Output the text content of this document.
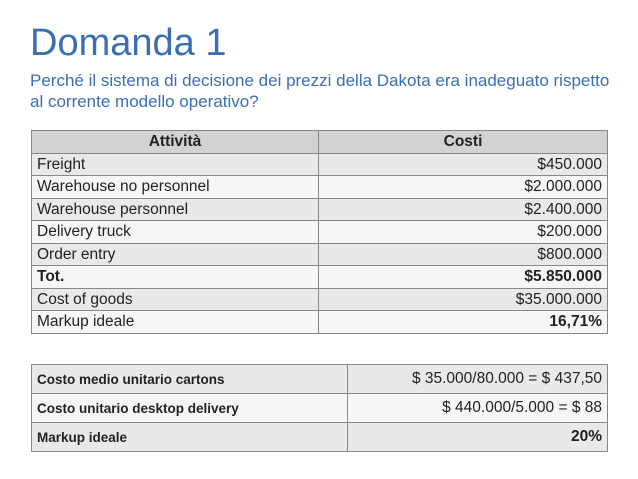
Domanda 1
Perché il sistema di decisione dei prezzi della Dakota era inadeguato rispetto al corrente modello operativo?
Attività	Costi
Freight	$450.000
Warehouse no personnel	$2.000.000
Warehouse personnel	$2.400.000
Delivery truck	$200.000
Order entry	$800.000
Tot.	$5.850.000
Cost of goods	$35.000.000
Markup ideale	16,71%
Costo medio unitario cartons	$ 35.000/80.000 = $ 437,50
Costo unitario desktop delivery	$ 440.000/5.000 = $ 88
Markup ideale	20%
